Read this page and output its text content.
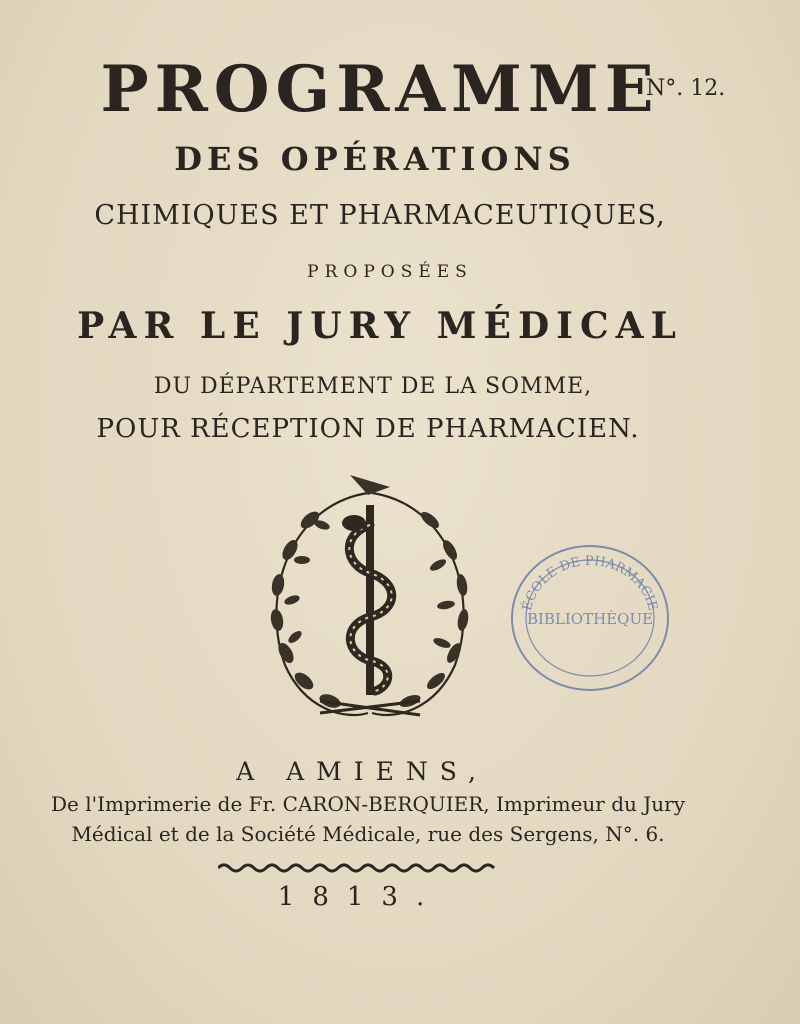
PROGRAMME
N°. 12.
DES OPÉRATIONS
CHIMIQUES ET PHARMACEUTIQUES,
PROPOSÉES
PAR LE JURY MÉDICAL
DU DÉPARTEMENT DE LA SOMME,
POUR RÉCEPTION DE PHARMACIEN.
ÉCOLE DE PHARMACIE
BIBLIOTHÈQUE
A AMIENS,
De l'Imprimerie de Fr. CARON-BERQUIER, Imprimeur du Jury
Médical et de la Société Médicale, rue des Sergens, N°. 6.
1813.
